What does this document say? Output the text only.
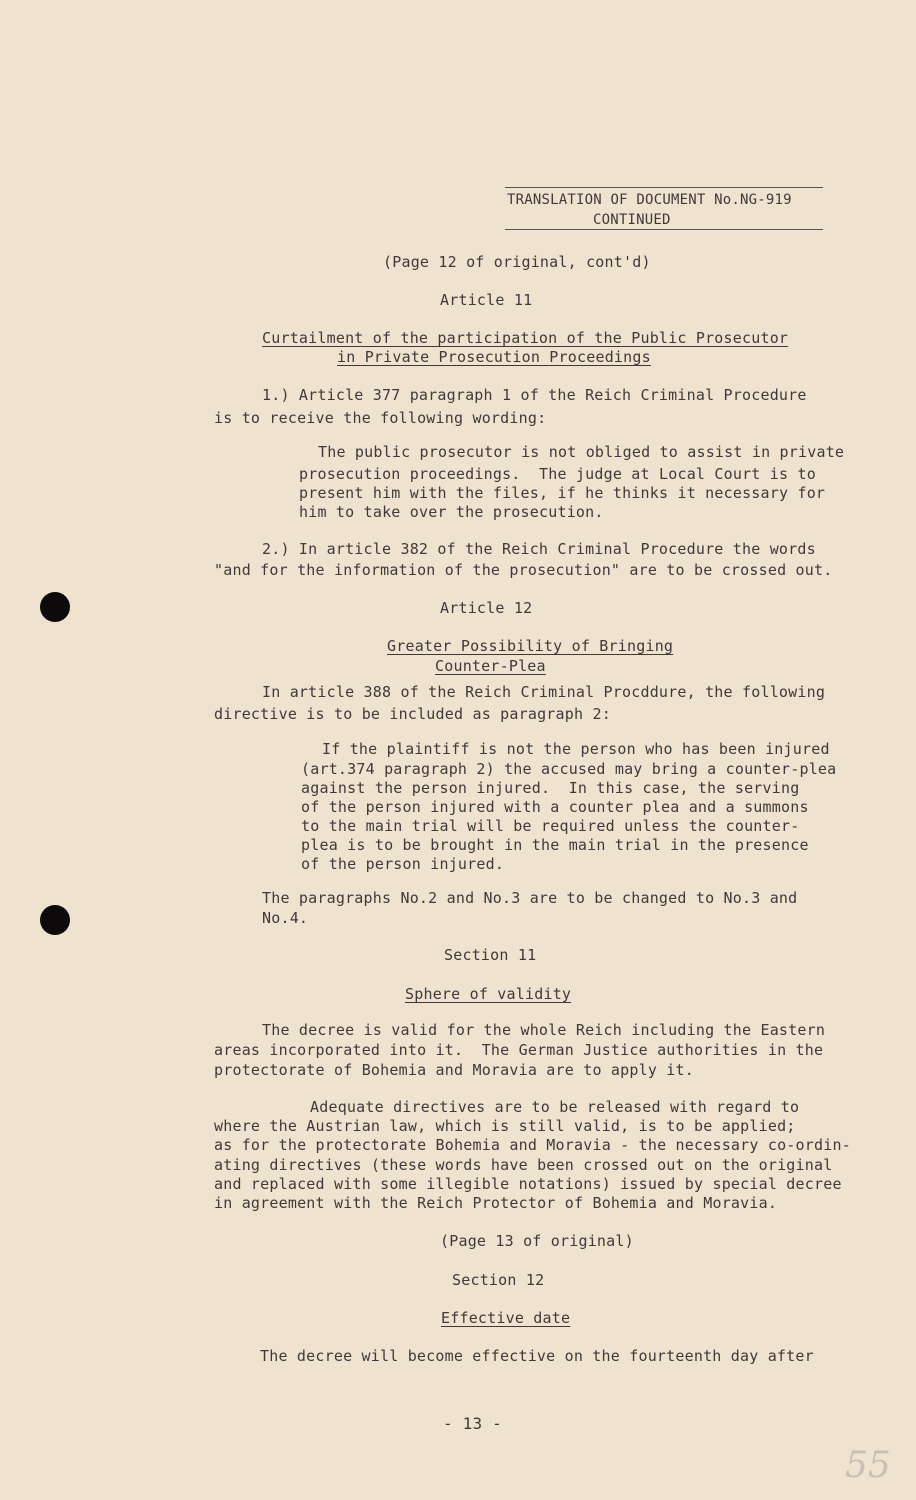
TRANSLATION OF DOCUMENT No.NG-919
CONTINUED
(Page 12 of original, cont'd)
Article 11
Curtailment of the participation of the Public Prosecutor
in Private Prosecution Proceedings
1.) Article 377 paragraph 1 of the Reich Criminal Procedure
is to receive the following wording:
The public prosecutor is not obliged to assist in private
prosecution proceedings.  The judge at Local Court is to
present him with the files, if he thinks it necessary for
him to take over the prosecution.
2.) In article 382 of the Reich Criminal Procedure the words
"and for the information of the prosecution" are to be crossed out.
Article 12
Greater Possibility of Bringing
Counter-Plea
In article 388 of the Reich Criminal Procddure, the following
directive is to be included as paragraph 2:
If the plaintiff is not the person who has been injured
(art.374 paragraph 2) the accused may bring a counter-plea
against the person injured.  In this case, the serving
of the person injured with a counter plea and a summons
to the main trial will be required unless the counter-
plea is to be brought in the main trial in the presence
of the person injured.
The paragraphs No.2 and No.3 are to be changed to No.3 and
No.4.
Section 11
Sphere of validity
The decree is valid for the whole Reich including the Eastern
areas incorporated into it.  The German Justice authorities in the
protectorate of Bohemia and Moravia are to apply it.
Adequate directives are to be released with regard to
where the Austrian law, which is still valid, is to be applied;
as for the protectorate Bohemia and Moravia - the necessary co-ordin-
ating directives (these words have been crossed out on the original
and replaced with some illegible notations) issued by special decree
in agreement with the Reich Protector of Bohemia and Moravia.
(Page 13 of original)
Section 12
Effective date
The decree will become effective on the fourteenth day after
- 13 -
55
